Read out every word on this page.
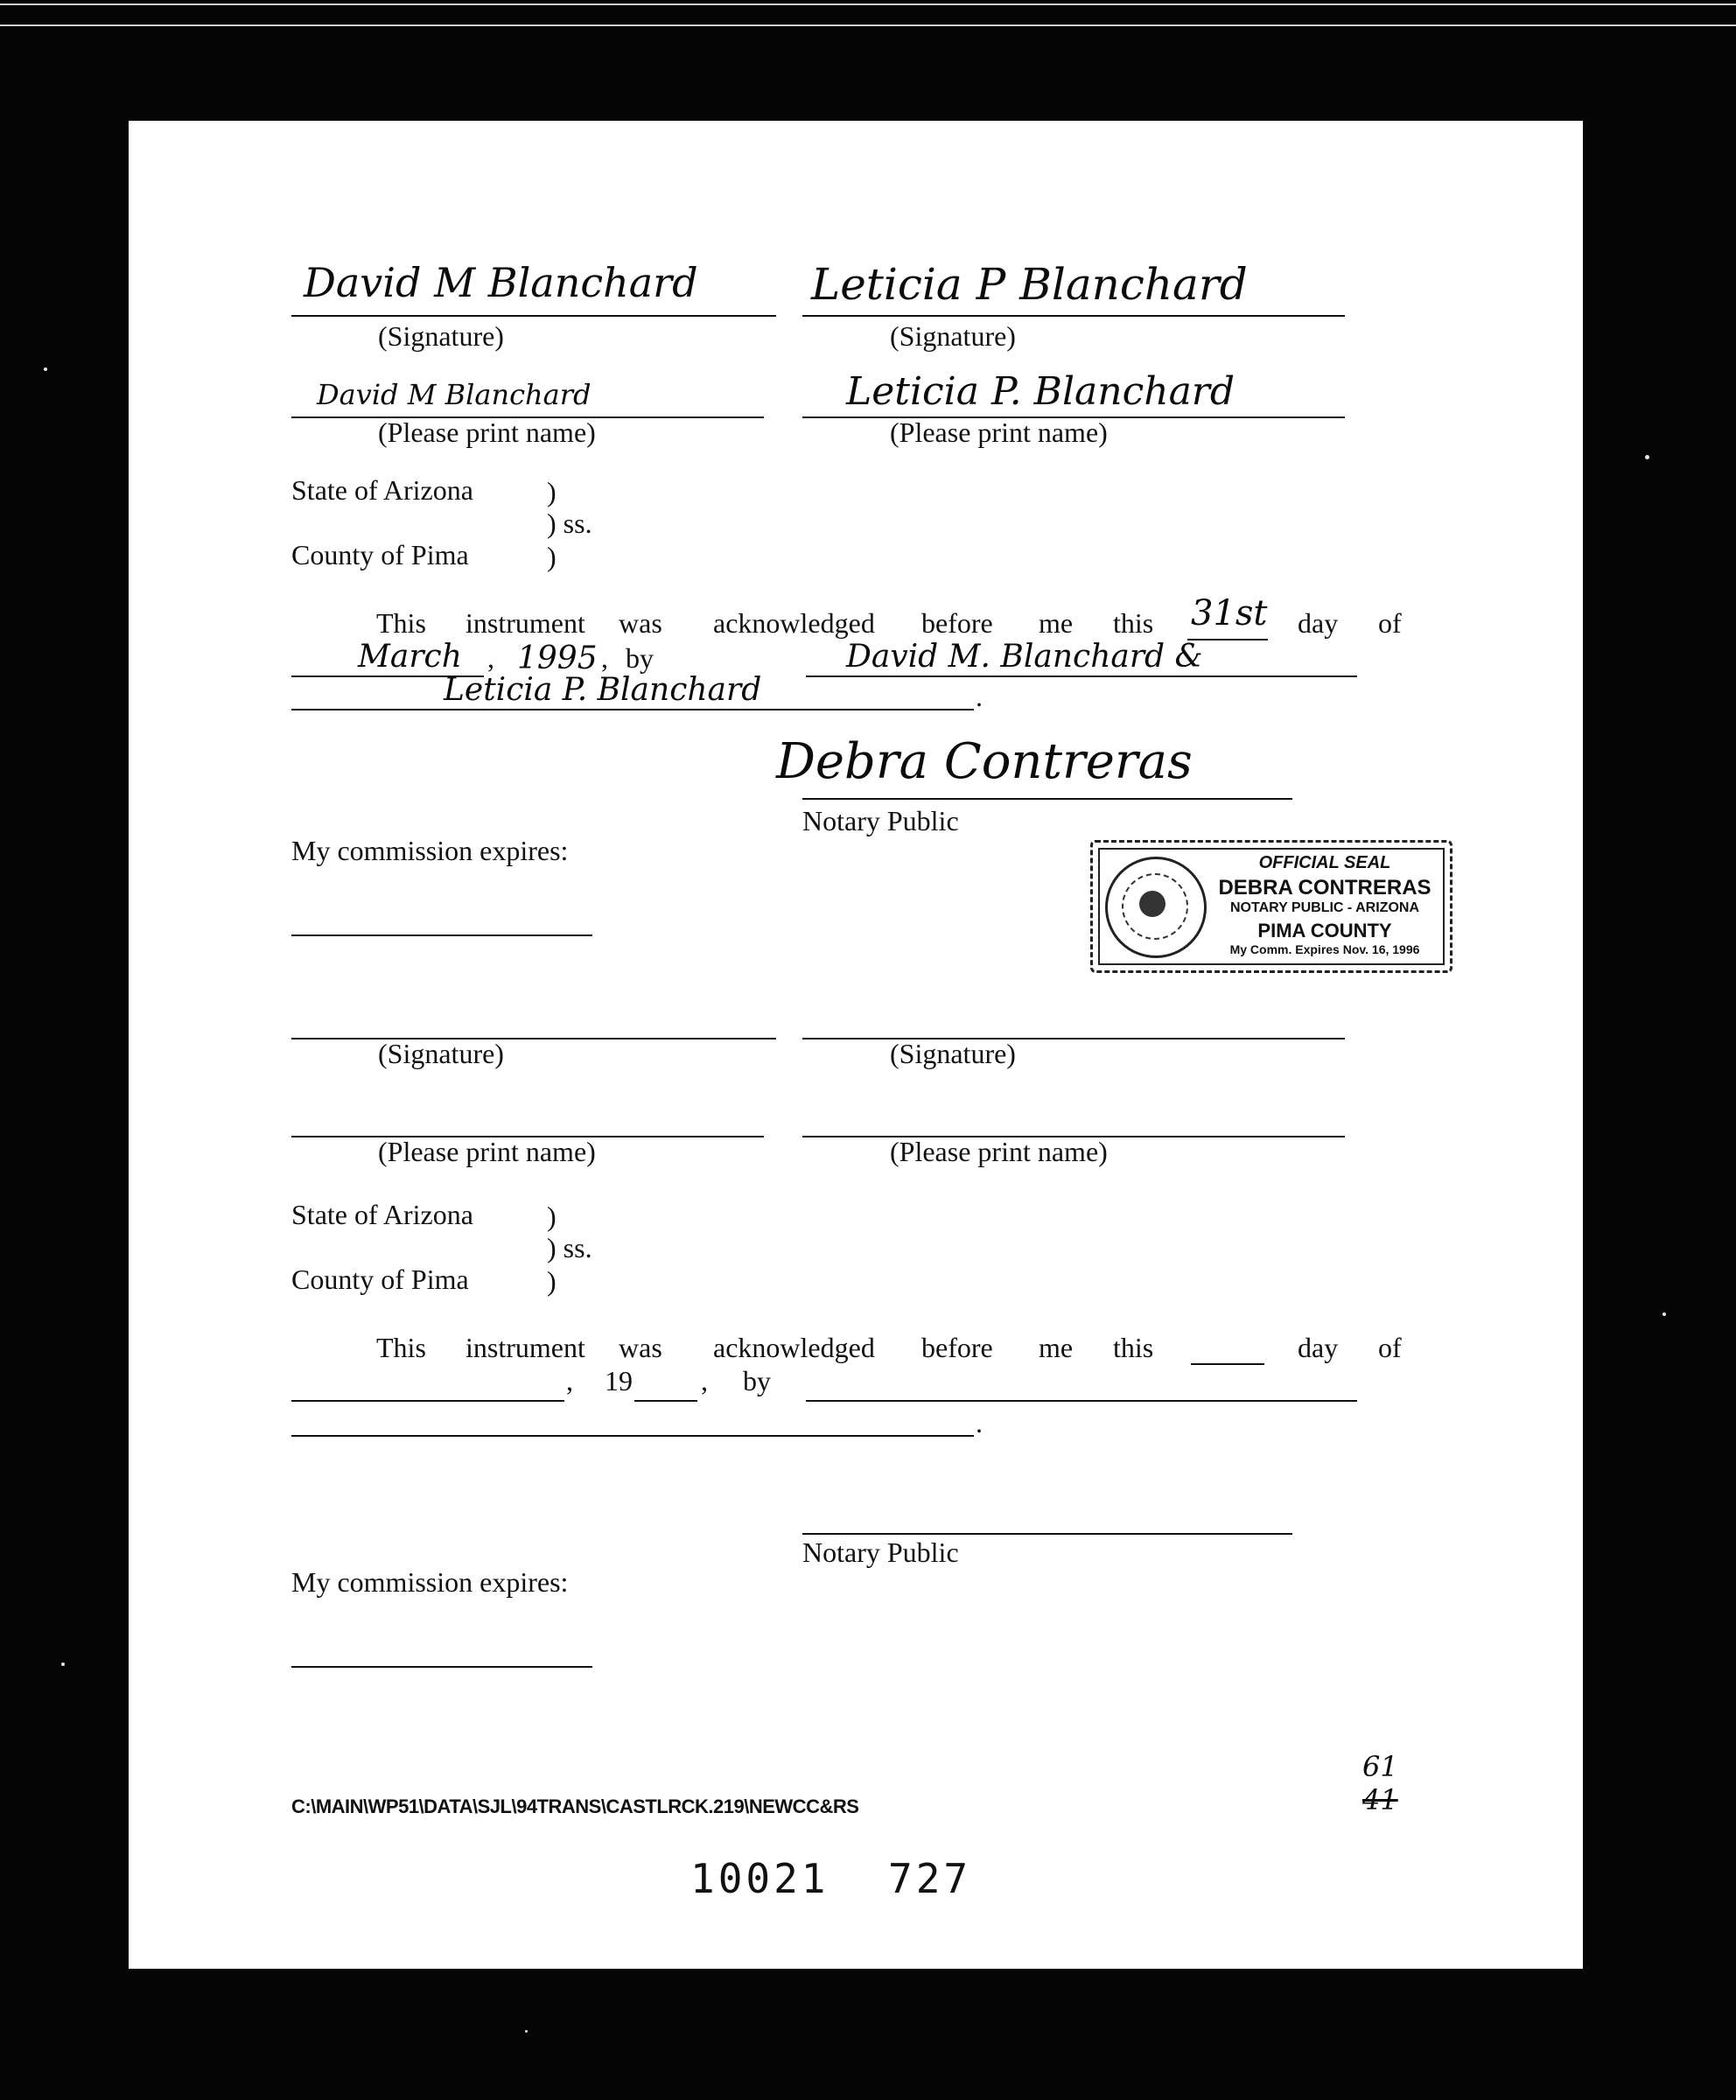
David M Blanchard
(Signature)
Leticia P Blanchard
(Signature)
David M Blanchard
(Please print name)
Leticia P. Blanchard
(Please print name)
State of Arizona	)
) ss.
County of Pima	)
This instrument was acknowledged before me this 31st day of
March , 1995 , by	David M. Blanchard &
Leticia P. Blanchard	.
Debra Contreras
Notary Public
My commission expires:	OFFICIAL SEAL
DEBRA CONTRERAS
NOTARY PUBLIC - ARIZONA
PIMA COUNTY
My Comm. Expires Nov. 16, 1996
(Signature)	(Signature)
(Please print name)	(Please print name)
State of Arizona	)
) ss.
County of Pima	)
This instrument was acknowledged before me this	day of
, 19 , by
.
Notary Public
My commission expires:
C:\MAIN\WP51\DATA\SJL\94TRANS\CASTLRCK.219\NEWCC&RS
61
41
10021 727
